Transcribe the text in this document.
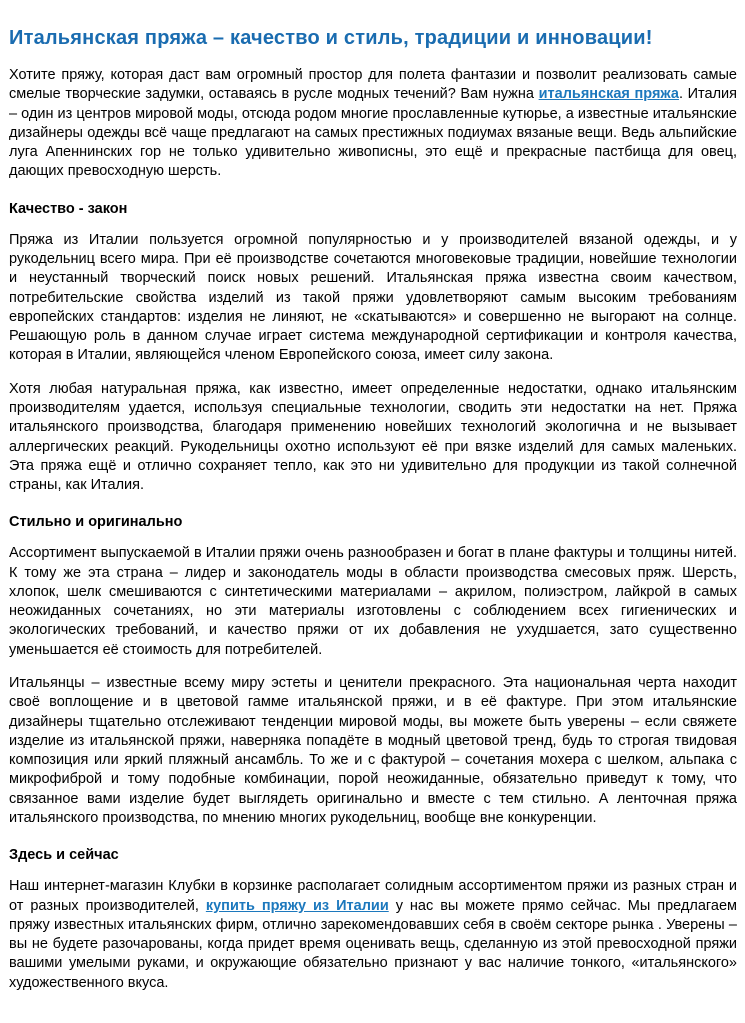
Итальянская пряжа – качество и стиль, традиции и инновации!

Хотите пряжу, которая даст вам огромный простор для полета фантазии и позволит реализовать самые смелые творческие задумки, оставаясь в русле модных течений? Вам нужна итальянская пряжа. Италия – один из центров мировой моды, отсюда родом многие прославленные кутюрье, а известные итальянские дизайнеры одежды всё чаще предлагают на самых престижных подиумах вязаные вещи. Ведь альпийские луга Апеннинских гор не только удивительно живописны, это ещё и прекрасные пастбища для овец, дающих превосходную шерсть.

Качество - закон

Пряжа из Италии пользуется огромной популярностью и у производителей вязаной одежды, и у рукодельниц всего мира. При её производстве сочетаются многовековые традиции, новейшие технологии и неустанный творческий поиск новых решений. Итальянская пряжа известна своим качеством, потребительские свойства изделий из такой пряжи удовлетворяют самым высоким требованиям европейских стандартов: изделия не линяют, не «скатываются» и совершенно не выгорают на солнце. Решающую роль в данном случае играет система международной сертификации и контроля качества, которая в Италии, являющейся членом Европейского союза, имеет силу закона.

Хотя любая натуральная пряжа, как известно, имеет определенные недостатки, однако итальянским производителям удается, используя специальные технологии, сводить эти недостатки на нет. Пряжа итальянского производства, благодаря применению новейших технологий экологична и не вызывает аллергических реакций. Рукодельницы охотно используют её при вязке изделий для самых маленьких. Эта пряжа ещё и отлично сохраняет тепло, как это ни удивительно для продукции из такой солнечной страны, как Италия.

Стильно и оригинально

Ассортимент выпускаемой в Италии пряжи очень разнообразен и богат в плане фактуры и толщины нитей. К тому же эта страна – лидер и законодатель моды в области производства смесовых пряж. Шерсть, хлопок, шелк смешиваются с синтетическими материалами – акрилом, полиэстром, лайкрой в самых неожиданных сочетаниях, но эти материалы изготовлены с соблюдением всех гигиенических и экологических требований, и качество пряжи от их добавления не ухудшается, зато существенно уменьшается её стоимость для потребителей.

Итальянцы – известные всему миру эстеты и ценители прекрасного. Эта национальная черта находит своё воплощение и в цветовой гамме итальянской пряжи, и в её фактуре. При этом итальянские дизайнеры тщательно отслеживают тенденции мировой моды, вы можете быть уверены – если свяжете изделие из итальянской пряжи, наверняка попадёте в модный цветовой тренд, будь то строгая твидовая композиция или яркий пляжный ансамбль. То же и с фактурой – сочетания мохера с шелком, альпака с микрофиброй и тому подобные комбинации, порой неожиданные, обязательно приведут к тому, что связанное вами изделие будет выглядеть оригинально и вместе с тем стильно. А ленточная пряжа итальянского производства, по мнению многих рукодельниц, вообще вне конкуренции.

Здесь и сейчас

Наш интернет-магазин Клубки в корзинке располагает солидным ассортиментом пряжи из разных стран и от разных производителей, купить пряжу из Италии у нас вы можете прямо сейчас. Мы предлагаем пряжу известных итальянских фирм, отлично зарекомендовавших себя в своём секторе рынка . Уверены – вы не будете разочарованы, когда придет время оценивать вещь, сделанную из этой превосходной пряжи вашими умелыми руками, и окружающие обязательно признают у вас наличие тонкого, «итальянского» художественного вкуса.
